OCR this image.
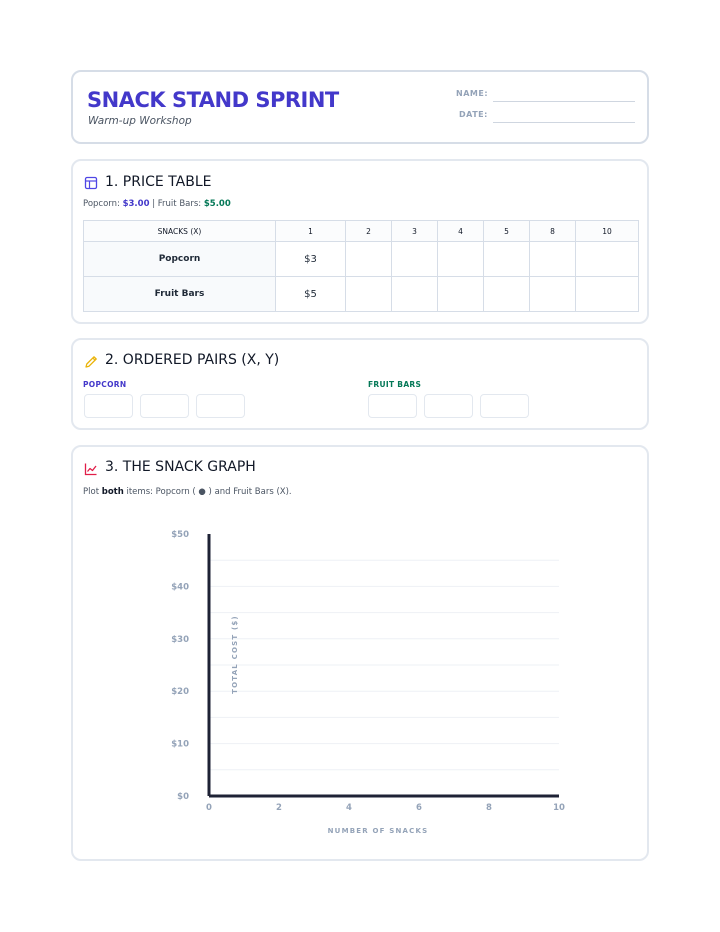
SNACK STAND SPRINT
Warm-up Workshop
NAME:
DATE:
1. PRICE TABLE
Popcorn: $3.00 | Fruit Bars: $5.00
SNACKS (X)	1	2	3	4	5	8	10
Popcorn	$3						
Fruit Bars	$5						
2. ORDERED PAIRS (X, Y)
POPCORN	FRUIT BARS
3. THE SNACK GRAPH
Plot both items: Popcorn ( ● ) and Fruit Bars (X).
$0
$10
$20
$30
$40
$50
0	2	4	6	8	10
TOTAL COST ($)
NUMBER OF SNACKS
